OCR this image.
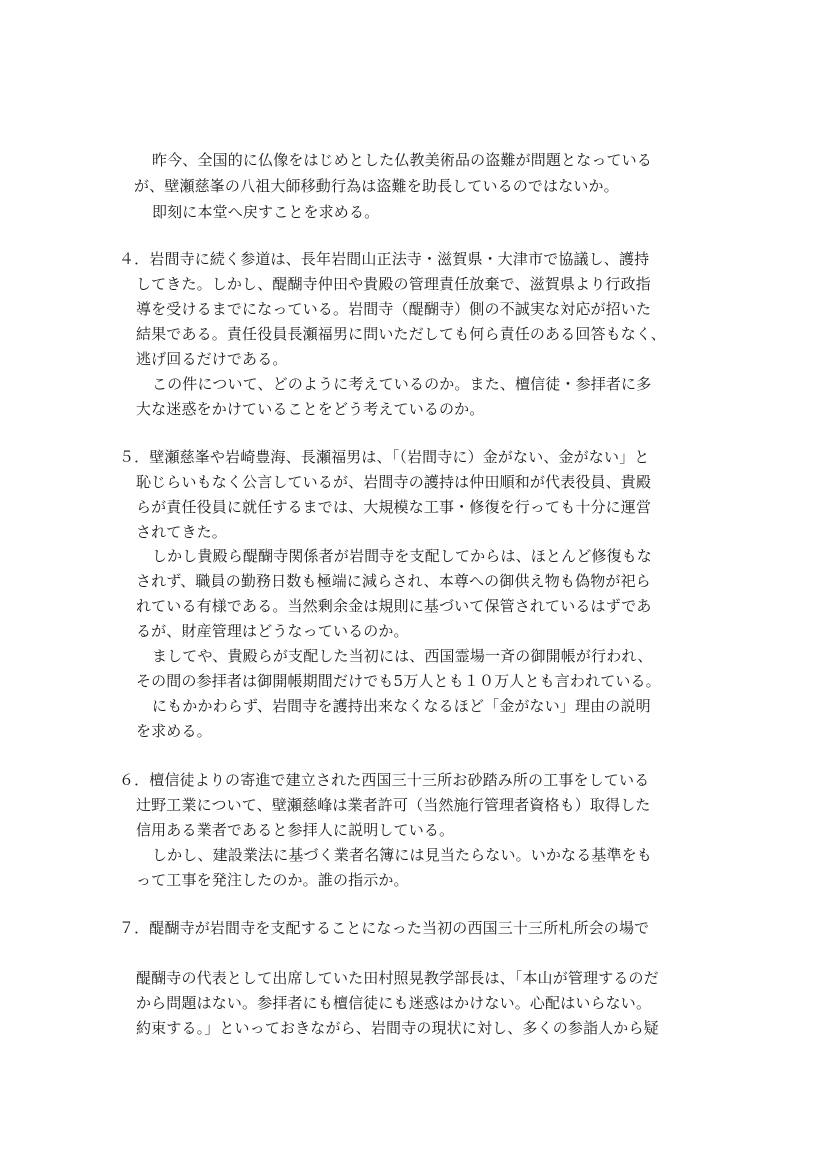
昨今、全国的に仏像をはじめとした仏教美術品の盗難が問題となっている

が、壁瀬慈峯の八祖大師移動行為は盗難を助長しているのではないか。

即刻に本堂へ戻すことを求める。

４．岩間寺に続く参道は、長年岩間山正法寺・滋賀県・大津市で協議し、護持

してきた。しかし、醍醐寺仲田や貴殿の管理責任放棄で、滋賀県より行政指

導を受けるまでになっている。岩間寺（醍醐寺）側の不誠実な対応が招いた

結果である。責任役員長瀬福男に問いただしても何ら責任のある回答もなく、

逃げ回るだけである。

この件について、どのように考えているのか。また、檀信徒・参拝者に多

大な迷惑をかけていることをどう考えているのか。

５．壁瀬慈峯や岩崎豊海、長瀬福男は、「（岩間寺に）金がない、金がない」と

恥じらいもなく公言しているが、岩間寺の護持は仲田順和が代表役員、貴殿

らが責任役員に就任するまでは、大規模な工事・修復を行っても十分に運営

されてきた。

しかし貴殿ら醍醐寺関係者が岩間寺を支配してからは、ほとんど修復もな

されず、職員の勤務日数も極端に減らされ、本尊への御供え物も偽物が祀ら

れている有様である。当然剰余金は規則に基づいて保管されているはずであ

るが、財産管理はどうなっているのか。

ましてや、貴殿らが支配した当初には、西国霊場一斉の御開帳が行われ、

その間の参拝者は御開帳期間だけでも5万人とも１０万人とも言われている。

にもかかわらず、岩間寺を護持出来なくなるほど「金がない」理由の説明

を求める。

６．檀信徒よりの寄進で建立された西国三十三所お砂踏み所の工事をしている

辻野工業について、壁瀬慈峰は業者許可（当然施行管理者資格も）取得した

信用ある業者であると参拝人に説明している。

しかし、建設業法に基づく業者名簿には見当たらない。いかなる基準をも

って工事を発注したのか。誰の指示か。

７．醍醐寺が岩間寺を支配することになった当初の西国三十三所札所会の場で

醍醐寺の代表として出席していた田村照晃教学部長は、「本山が管理するのだ

から問題はない。参拝者にも檀信徒にも迷惑はかけない。心配はいらない。

約束する。」といっておきながら、岩間寺の現状に対し、多くの参詣人から疑
